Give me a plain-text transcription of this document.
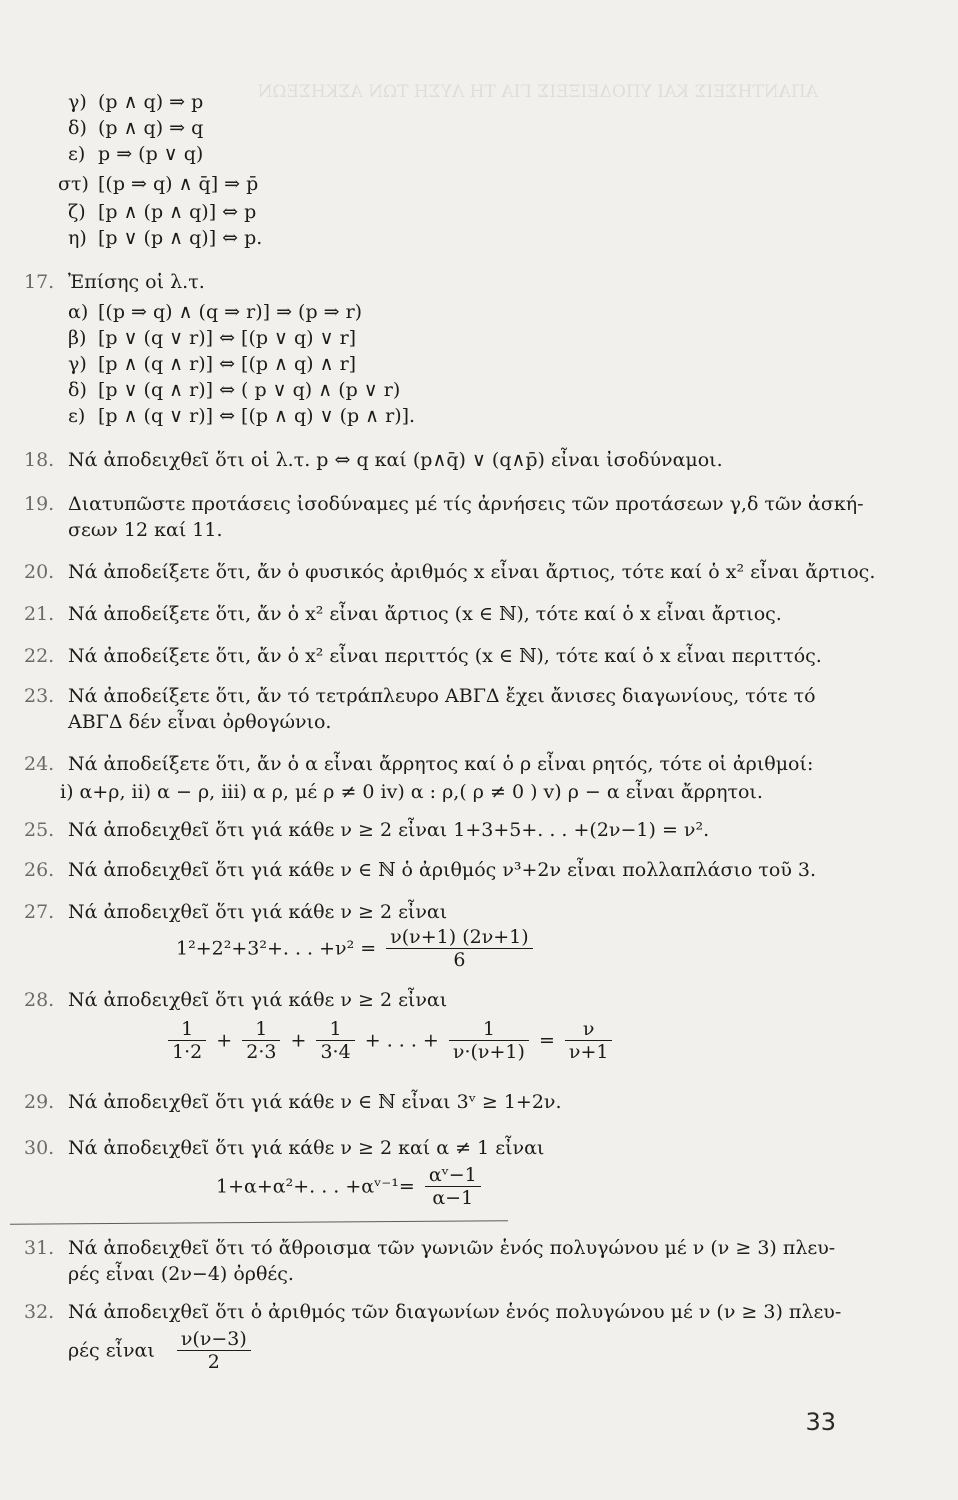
ΑΠΑΝΤΗΣΕΙΣ ΚΑΙ ΥΠΟΔΕΙΞΕΙΣ ΓΙΑ ΤΗ ΛΥΣΗ ΤΩΝ ΑΣΚΗΣΕΩΝ
γ) (p ∧ q) ⇒ p
δ) (p ∧ q) ⇒ q
ε) p ⇒ (p ∨ q)
στ) [(p ⇒ q) ∧ q̄] ⇒ p̄
ζ) [p ∧ (p ∧ q)] ⇔ p
η) [p ∨ (p ∧ q)] ⇔ p.
17. Ἐπίσης οἱ λ.τ.
α) [(p ⇒ q) ∧ (q ⇒ r)] ⇒ (p ⇒ r)
β) [p ∨ (q ∨ r)] ⇔ [(p ∨ q) ∨ r]
γ) [p ∧ (q ∧ r)] ⇔ [(p ∧ q) ∧ r]
δ) [p ∨ (q ∧ r)] ⇔ ( p ∨ q) ∧ (p ∨ r)
ε) [p ∧ (q ∨ r)] ⇔ [(p ∧ q) ∨ (p ∧ r)].
18. Νά ἀποδειχθεῖ ὅτι οἱ λ.τ. p ⇔ q καί (p∧q̄) ∨ (q∧p̄) εἶναι ἰσοδύναμοι.
19. Διατυπῶστε προτάσεις ἰσοδύναμες μέ τίς ἀρνήσεις τῶν προτάσεων γ,δ τῶν ἀσκή-
σεων 12 καί 11.
20. Νά ἀποδείξετε ὅτι, ἄν ὁ φυσικός ἀριθμός x εἶναι ἄρτιος, τότε καί ὁ x² εἶναι ἄρτιος.
21. Νά ἀποδείξετε ὅτι, ἄν ὁ x² εἶναι ἄρτιος (x ∈ ℕ), τότε καί ὁ x εἶναι ἄρτιος.
22. Νά ἀποδείξετε ὅτι, ἄν ὁ x² εἶναι περιττός (x ∈ ℕ), τότε καί ὁ x εἶναι περιττός.
23. Νά ἀποδείξετε ὅτι, ἄν τό τετράπλευρο ΑΒΓΔ ἔχει ἄνισες διαγωνίους, τότε τό
ΑΒΓΔ δέν εἶναι ὀρθογώνιο.
24. Νά ἀποδείξετε ὅτι, ἄν ὁ α εἶναι ἄρρητος καί ὁ ρ εἶναι ρητός, τότε οἱ ἀριθμοί:
i) α+ρ, ii) α − ρ, iii) α ρ, μέ ρ ≠ 0 iv) α : ρ,( ρ ≠ 0 ) v) ρ − α εἶναι ἄρρητοι.
25. Νά ἀποδειχθεῖ ὅτι γιά κάθε ν ≥ 2 εἶναι 1+3+5+. . . +(2ν−1) = ν².
26. Νά ἀποδειχθεῖ ὅτι γιά κάθε ν ∈ ℕ ὁ ἀριθμός ν³+2ν εἶναι πολλαπλάσιο τοῦ 3.
27. Νά ἀποδειχθεῖ ὅτι γιά κάθε ν ≥ 2 εἶναι
1²+2²+3²+. . . $+\nu^2 = \frac{\nu(\nu+1) (2\nu+1)}{6}$
28. Νά ἀποδειχθεῖ ὅτι γιά κάθε ν ≥ 2 εἶναι
$\frac{1}{1\cdot 2} + \frac{1}{2\cdot 3} + \frac{1}{3\cdot 4}$ + . . . + $\frac{1}{\nu\cdot(\nu+1)} = \frac{\nu}{\nu+1}$
29. Νά ἀποδειχθεῖ ὅτι γιά κάθε ν ∈ ℕ εἶναι 3ᵛ ≥ 1+2ν.
30. Νά ἀποδειχθεῖ ὅτι γιά κάθε ν ≥ 2 καί α ≠ 1 εἶναι
1+α+α²+. . . +αᵛ⁻¹= $\frac{\text{αᵛ−1}}{\alpha-1}$
31. Νά ἀποδειχθεῖ ὅτι τό ἄθροισμα τῶν γωνιῶν ἑνός πολυγώνου μέ ν (ν ≥ 3) πλευ-
ρές εἶναι (2ν−4) ὀρθές.
32. Νά ἀποδειχθεῖ ὅτι ὁ ἀριθμός τῶν διαγωνίων ἑνός πολυγώνου μέ ν (ν ≥ 3) πλευ-
ρές εἶναι $\frac{\nu(\nu-3)}{2}$
33
